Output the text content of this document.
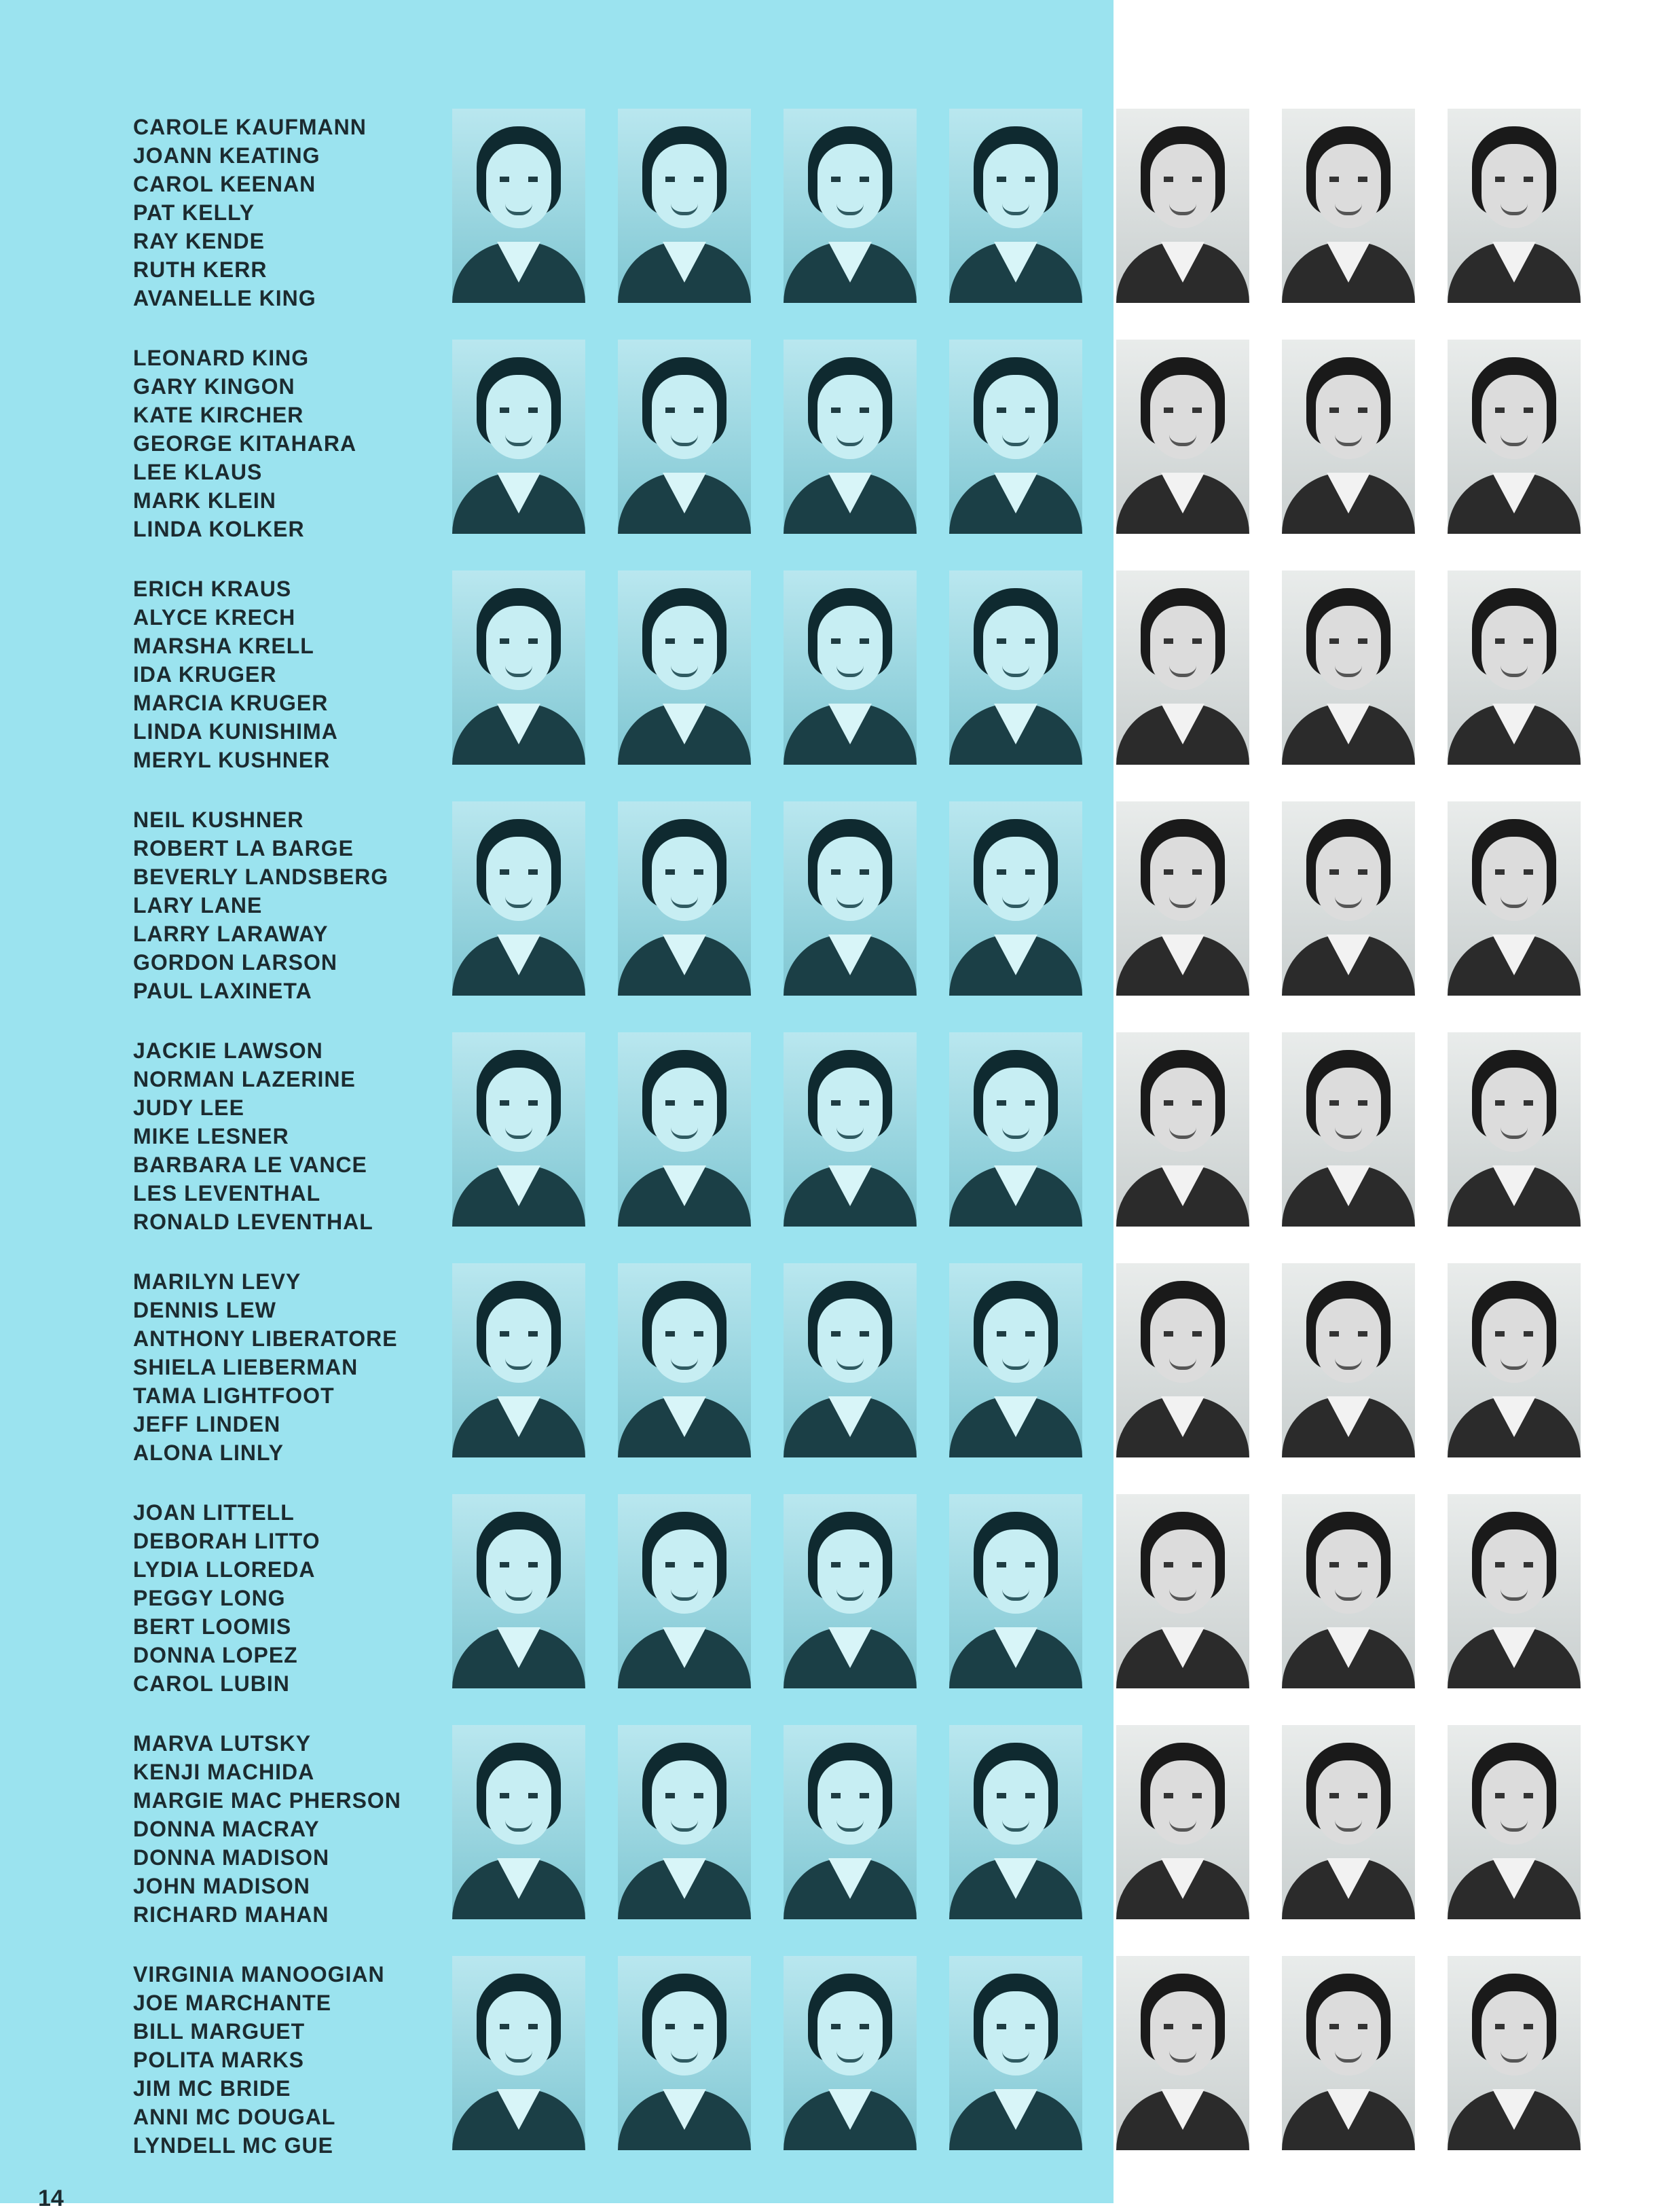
CAROLE KAUFMANN
JOANN KEATING
CAROL KEENAN
PAT KELLY
RAY KENDE
RUTH KERR
AVANELLE KING
LEONARD KING
GARY KINGON
KATE KIRCHER
GEORGE KITAHARA
LEE KLAUS
MARK KLEIN
LINDA KOLKER
ERICH KRAUS
ALYCE KRECH
MARSHA KRELL
IDA KRUGER
MARCIA KRUGER
LINDA KUNISHIMA
MERYL KUSHNER
NEIL KUSHNER
ROBERT LA BARGE
BEVERLY LANDSBERG
LARY LANE
LARRY LARAWAY
GORDON LARSON
PAUL LAXINETA
JACKIE LAWSON
NORMAN LAZERINE
JUDY LEE
MIKE LESNER
BARBARA LE VANCE
LES LEVENTHAL
RONALD LEVENTHAL
MARILYN LEVY
DENNIS LEW
ANTHONY LIBERATORE
SHIELA LIEBERMAN
TAMA LIGHTFOOT
JEFF LINDEN
ALONA LINLY
JOAN LITTELL
DEBORAH LITTO
LYDIA LLOREDA
PEGGY LONG
BERT LOOMIS
DONNA LOPEZ
CAROL LUBIN
MARVA LUTSKY
KENJI MACHIDA
MARGIE MAC PHERSON
DONNA MACRAY
DONNA MADISON
JOHN MADISON
RICHARD MAHAN
VIRGINIA MANOOGIAN
JOE MARCHANTE
BILL MARGUET
POLITA MARKS
JIM MC BRIDE
ANNI MC DOUGAL
LYNDELL MC GUE
14
